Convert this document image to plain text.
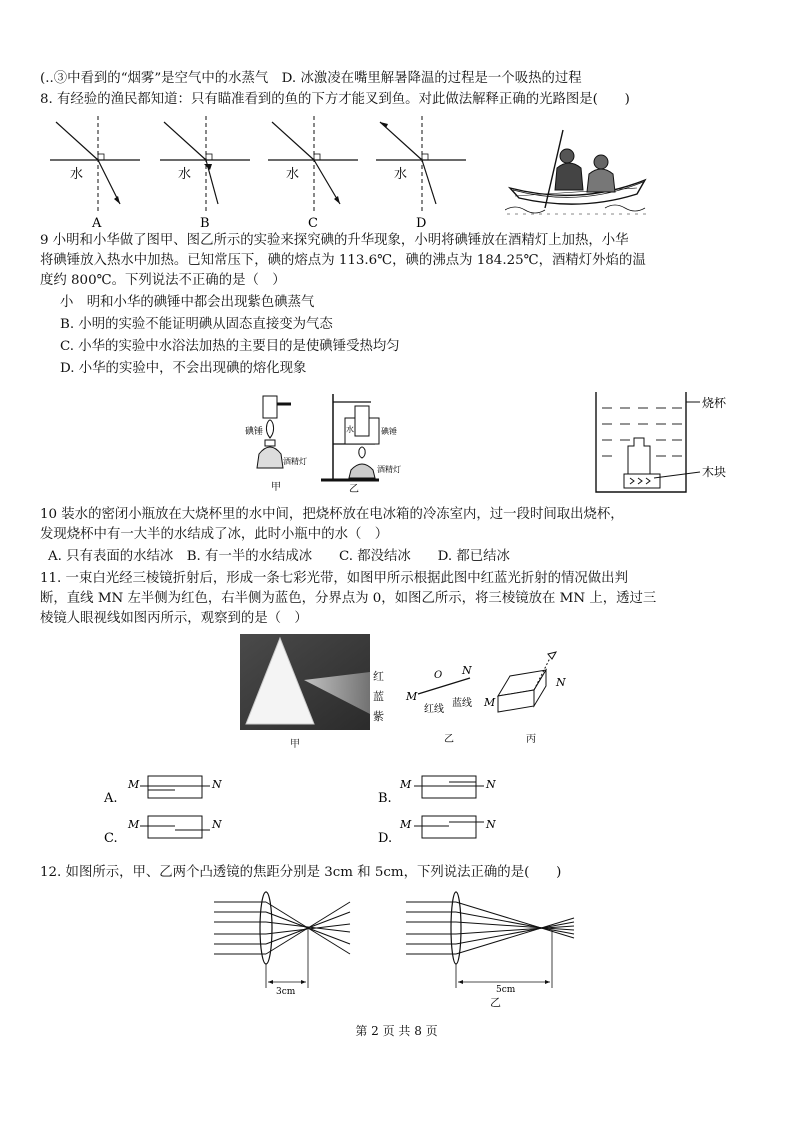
(..③中看到的“烟雾”是空气中的水蒸气　D. 冰激凌在嘴里解暑降温的过程是一个吸热的过程
8. 有经验的渔民都知道：只有瞄准看到的鱼的下方才能叉到鱼。对此做法解释正确的光路图是(　　)
水
A
水
B
水
C
水
D
9 小明和小华做了图甲、图乙所示的实验来探究碘的升华现象，小明将碘锤放在酒精灯上加热，小华
将碘锤放入热水中加热。已知常压下，碘的熔点为 113.6℃，碘的沸点为 184.25℃，酒精灯外焰的温
度约 800℃。下列说法不正确的是（　）
小　明和小华的碘锤中都会出现紫色碘蒸气
B. 小明的实验不能证明碘从固态直接变为气态
C. 小华的实验中水浴法加热的主要目的是使碘锤受热均匀
D. 小华的实验中，不会出现碘的熔化现象
碘锤
酒精灯
甲
水	碘锤
酒精灯
乙
烧杯
木块
10 装水的密闭小瓶放在大烧杯里的水中间，把烧杯放在电冰箱的冷冻室内，过一段时间取出烧杯，
发现烧杯中有一大半的水结成了冰，此时小瓶中的水（　）
A. 只有表面的水结冰　B. 有一半的水结成冰　　C. 都没结冰　　D. 都已结冰
11. 一束白光经三棱镜折射后，形成一条七彩光带，如图甲所示根据此图中红蓝光折射的情况做出判
断，直线 MN 左半侧为红色，右半侧为蓝色，分界点为 0，如图乙所示，将三棱镜放在 MN 上，透过三
棱镜人眼视线如图丙所示，观察到的是（　）
红
蓝
紫
甲
M
O N
红线
蓝线
乙
M
N
丙
A.
M	N
B.
M	N
C.
M	N
D.
M	N
12. 如图所示，甲、乙两个凸透镜的焦距分别是 3cm 和 5cm，下列说法正确的是(　　)
3cm	5cm
乙
第 2 页 共 8 页
